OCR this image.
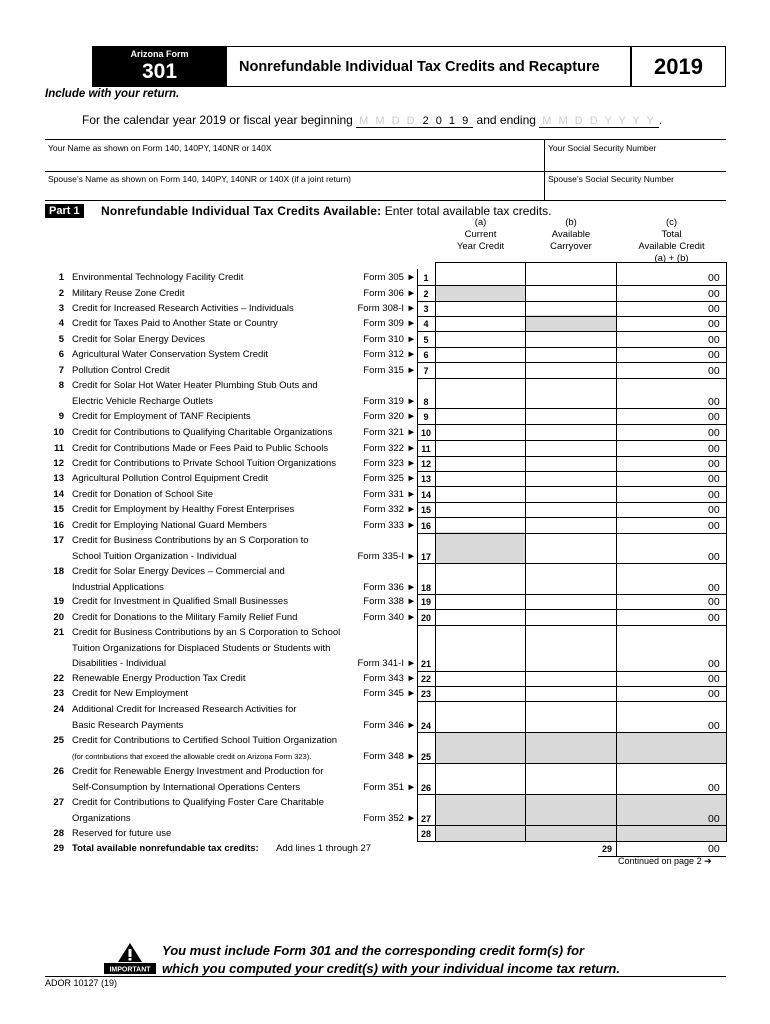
Arizona Form
301	Nonrefundable Individual Tax Credits and Recapture	2019
Include with your return.
For the calendar year 2019 or fiscal year beginning M M D D 2 0 1 9 and ending M M D D Y Y Y Y .
Your Name as shown on Form 140, 140PY, 140NR or 140X	Your Social Security Number
Spouse’s Name as shown on Form 140, 140PY, 140NR or 140X (if a joint return)	Spouse’s Social Security Number
Part 1	Nonrefundable Individual Tax Credits Available: Enter total available tax credits.
(a)
Current
Year Credit
(b)
Available
Carryover
(c)
Total
Available Credit
(a) + (b)
1 Environmental Technology Facility Credit	Form 305 ► 1	00
2 Military Reuse Zone Credit	Form 306 ► 2	00
3 Credit for Increased Research Activities – Individuals	Form 308-I ► 3	00
4 Credit for Taxes Paid to Another State or Country	Form 309 ► 4	00
5 Credit for Solar Energy Devices	Form 310 ► 5	00
6 Agricultural Water Conservation System Credit	Form 312 ► 6	00
7 Pollution Control Credit	Form 315 ► 7	00
8 Credit for Solar Hot Water Heater Plumbing Stub Outs and
Electric Vehicle Recharge Outlets	Form 319 ► 8	00
9 Credit for Employment of TANF Recipients	Form 320 ► 9	00
10 Credit for Contributions to Qualifying Charitable Organizations	Form 321 ► 10	00
11 Credit for Contributions Made or Fees Paid to Public Schools	Form 322 ► 11	00
12 Credit for Contributions to Private School Tuition Organizations	Form 323 ► 12	00
13 Agricultural Pollution Control Equipment Credit	Form 325 ► 13	00
14 Credit for Donation of School Site	Form 331 ► 14	00
15 Credit for Employment by Healthy Forest Enterprises	Form 332 ► 15	00
16 Credit for Employing National Guard Members	Form 333 ► 16	00
17 Credit for Business Contributions by an S Corporation to
School Tuition Organization - Individual	Form 335-I ► 17	00
18 Credit for Solar Energy Devices – Commercial and
Industrial Applications	Form 336 ► 18	00
19 Credit for Investment in Qualified Small Businesses	Form 338 ► 19	00
20 Credit for Donations to the Military Family Relief Fund	Form 340 ► 20	00
21 Credit for Business Contributions by an S Corporation to School
Tuition Organizations for Displaced Students or Students with
Disabilities - Individual	Form 341-I ► 21	00
22 Renewable Energy Production Tax Credit	Form 343 ► 22	00
23 Credit for New Employment	Form 345 ► 23	00
24 Additional Credit for Increased Research Activities for
Basic Research Payments	Form 346 ► 24	00
25 Credit for Contributions to Certified School Tuition Organization
(for contributions that exceed the allowable credit on Arizona Form 323).	Form 348 ► 25
26 Credit for Renewable Energy Investment and Production for
Self-Consumption by International Operations Centers	Form 351 ► 26	00
27 Credit for Contributions to Qualifying Foster Care Charitable
Organizations	Form 352 ► 27	00
28 Reserved for future use	28
29 Total available nonrefundable tax credits: Add lines 1 through 27	29	00
Continued on page 2 ➔
IMPORTANT
You must include Form 301 and the corresponding credit form(s) for
which you computed your credit(s) with your individual income tax return.
ADOR 10127 (19)
